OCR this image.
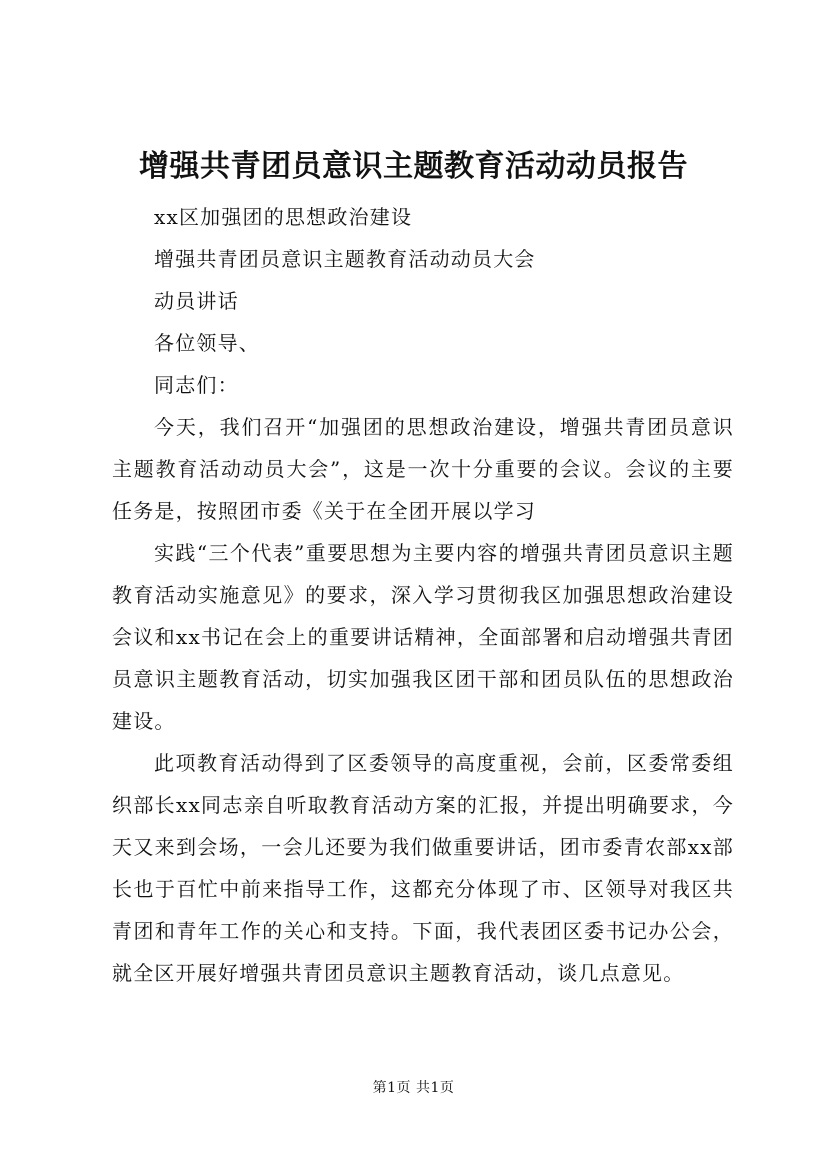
增强共青团员意识主题教育活动动员报告

xx区加强团的思想政治建设

增强共青团员意识主题教育活动动员大会

动员讲话

各位领导、

同志们：

今天，我们召开“加强团的思想政治建设，增强共青团员意识主题教育活动动员大会”，这是一次十分重要的会议。会议的主要任务是，按照团市委《关于在全团开展以学习

实践“三个代表”重要思想为主要内容的增强共青团员意识主题教育活动实施意见》的要求，深入学习贯彻我区加强思想政治建设会议和xx书记在会上的重要讲话精神，全面部署和启动增强共青团员意识主题教育活动，切实加强我区团干部和团员队伍的思想政治建设。

此项教育活动得到了区委领导的高度重视，会前，区委常委组织部长xx同志亲自听取教育活动方案的汇报，并提出明确要求，今天又来到会场，一会儿还要为我们做重要讲话，团市委青农部xx部长也于百忙中前来指导工作，这都充分体现了市、区领导对我区共青团和青年工作的关心和支持。下面，我代表团区委书记办公会，就全区开展好增强共青团员意识主题教育活动，谈几点意见。

第1页 共1页
